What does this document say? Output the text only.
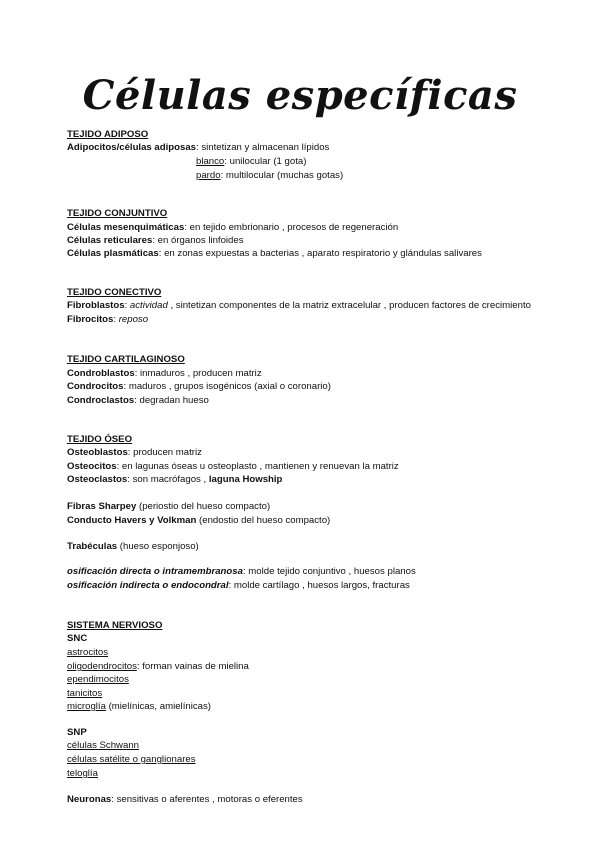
Células específicas
TEJIDO ADIPOSO
Adipocitos/células adiposas: sintetizan y almacenan lípidos
blanco: unilocular (1 gota)
pardo: multilocular (muchas gotas)
TEJIDO CONJUNTIVO
Células mesenquimáticas: en tejido embrionario , procesos de regeneración
Células reticulares: en órganos linfoides
Células plasmáticas: en zonas expuestas a bacterias , aparato respiratorio y glándulas salivares
TEJIDO CONECTIVO
Fibroblastos: actividad , sintetizan componentes de la matriz extracelular , producen factores de crecimiento
Fibrocitos: reposo
TEJIDO CARTILAGINOSO
Condroblastos: inmaduros , producen matriz
Condrocitos: maduros , grupos isogénicos (axial o coronario)
Condroclastos: degradan hueso
TEJIDO ÓSEO
Osteoblastos: producen matriz
Osteocitos: en lagunas óseas u osteoplasto , mantienen y renuevan la matriz
Osteoclastos: son macrófagos , laguna Howship
Fibras Sharpey (periostio del hueso compacto)
Conducto Havers y Volkman (endostio del hueso compacto)
Trabéculas (hueso esponjoso)
osificación directa o intramembranosa: molde tejido conjuntivo , huesos planos
osificación indirecta o endocondral: molde cartílago , huesos largos, fracturas
SISTEMA NERVIOSO
SNC
astrocitos
oligodendrocitos: forman vainas de mielina
ependimocitos
tanicitos
microglía (mielínicas, amielínicas)
SNP
células Schwann
células satélite o ganglionares
teloglía
Neuronas: sensitivas o aferentes , motoras o eferentes
